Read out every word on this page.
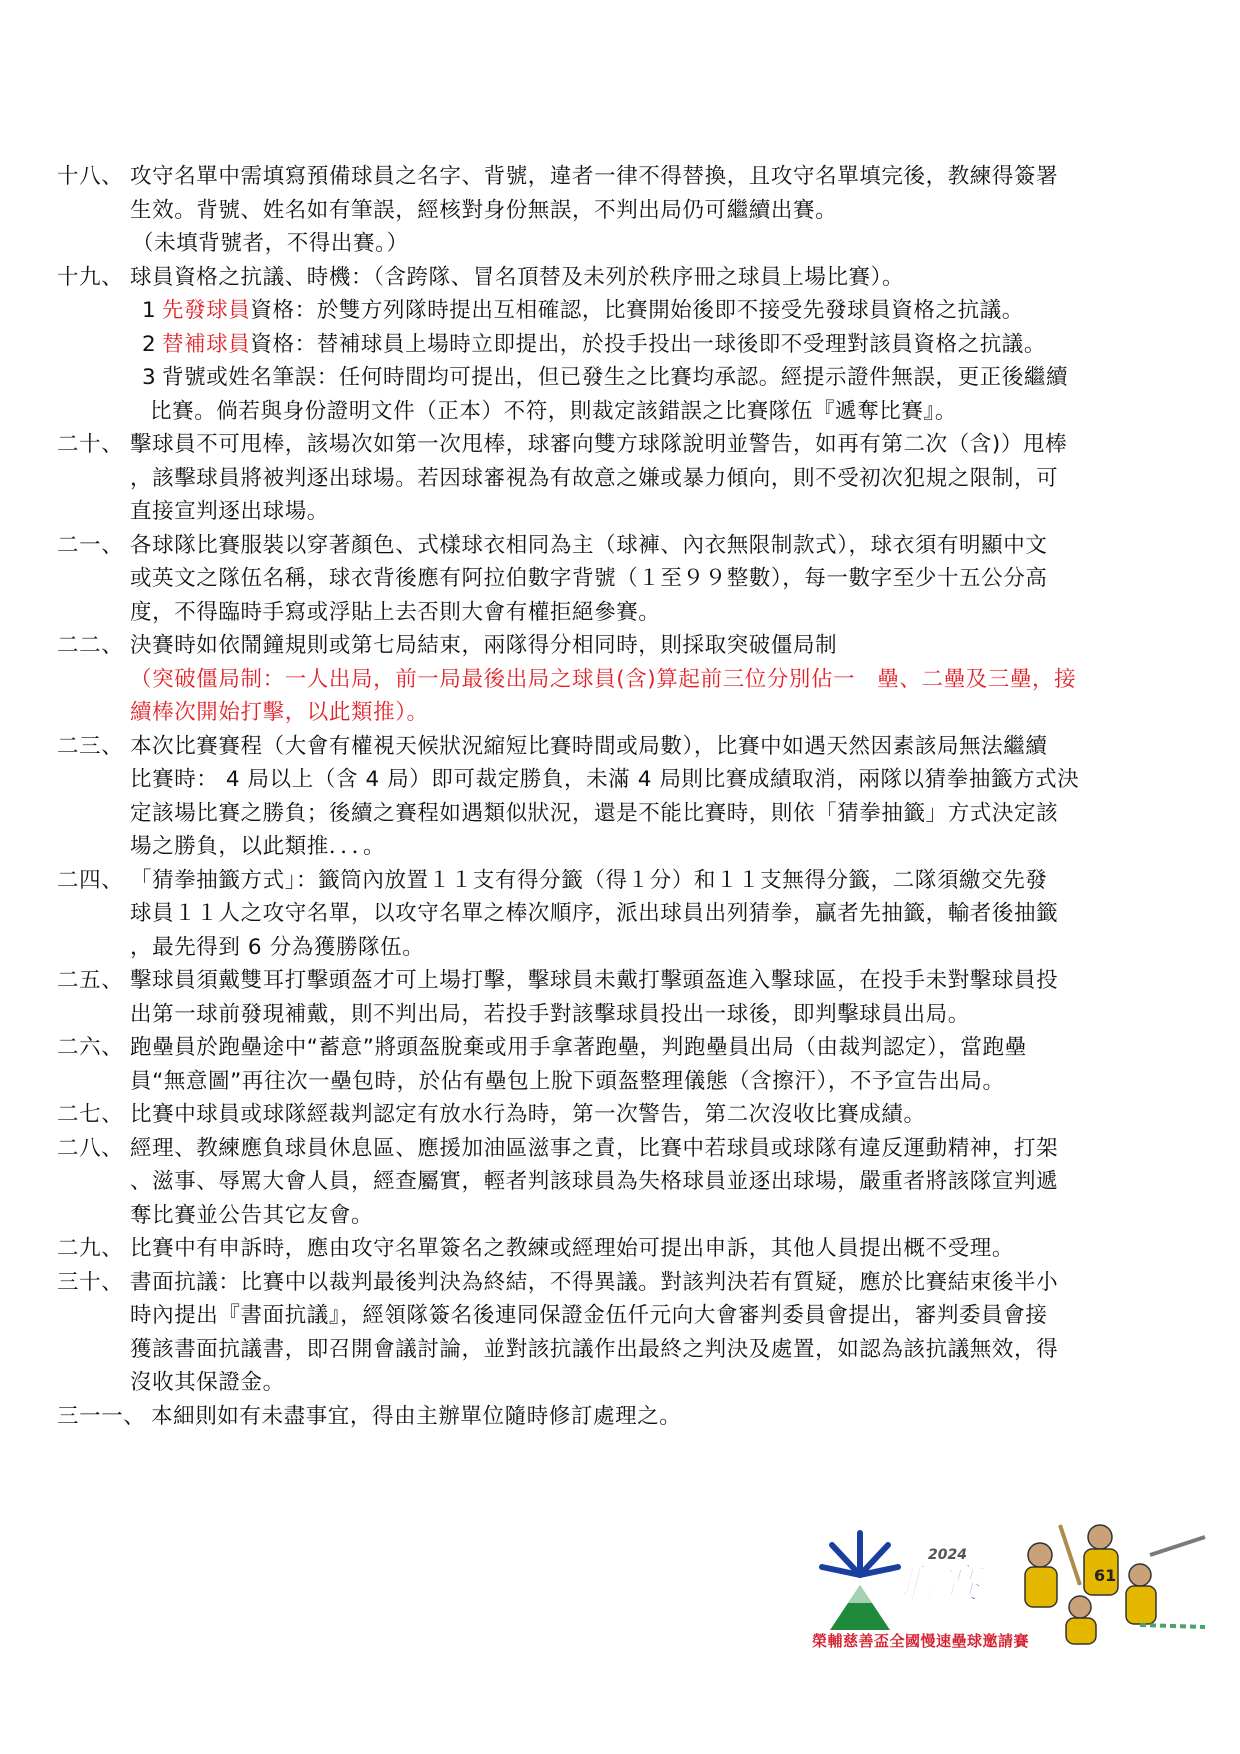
十八、 攻守名單中需填寫預備球員之名字、背號，違者一律不得替換，且攻守名單填完後，教練得簽署
生效。背號、姓名如有筆誤，經核對身份無誤，不判出局仍可繼續出賽。
（未填背號者，不得出賽。）
十九、 球員資格之抗議、時機：（含跨隊、冒名頂替及未列於秩序冊之球員上場比賽）。
1 先發球員資格：於雙方列隊時提出互相確認，比賽開始後即不接受先發球員資格之抗議。
2 替補球員資格：替補球員上場時立即提出，於投手投出一球後即不受理對該員資格之抗議。
3 背號或姓名筆誤：任何時間均可提出，但已發生之比賽均承認。經提示證件無誤，更正後繼續
比賽。倘若與身份證明文件（正本）不符，則裁定該錯誤之比賽隊伍『遞奪比賽』。
二十、 擊球員不可甩棒，該場次如第一次甩棒，球審向雙方球隊說明並警告，如再有第二次（含)）甩棒
，該擊球員將被判逐出球場。若因球審視為有故意之嫌或暴力傾向，則不受初次犯規之限制，可
直接宣判逐出球場。
二一、 各球隊比賽服裝以穿著顏色、式樣球衣相同為主（球褲、內衣無限制款式），球衣須有明顯中文
或英文之隊伍名稱，球衣背後應有阿拉伯數字背號（１至９９整數），每一數字至少十五公分高
度，不得臨時手寫或浮貼上去否則大會有權拒絕參賽。
二二、 決賽時如依鬧鐘規則或第七局結束，兩隊得分相同時，則採取突破僵局制
（突破僵局制：一人出局，前一局最後出局之球員(含)算起前三位分別佔一　壘、二壘及三壘，接
續棒次開始打擊，以此類推）。
二三、 本次比賽賽程（大會有權視天候狀況縮短比賽時間或局數），比賽中如遇天然因素該局無法繼續
比賽時： 4 局以上（含 4 局）即可裁定勝負，未滿 4 局則比賽成績取消，兩隊以猜拳抽籤方式決
定該場比賽之勝負；後續之賽程如遇類似狀況，還是不能比賽時，則依「猜拳抽籤」方式決定該
場之勝負，以此類推．．．。
二四、 「猜拳抽籤方式」：籤筒內放置１１支有得分籤（得１分）和１１支無得分籤，二隊須繳交先發
球員１１人之攻守名單，以攻守名單之棒次順序，派出球員出列猜拳，贏者先抽籤，輸者後抽籤
，最先得到 6 分為獲勝隊伍。
二五、 擊球員須戴雙耳打擊頭盔才可上場打擊，擊球員未戴打擊頭盔進入擊球區，在投手未對擊球員投
出第一球前發現補戴，則不判出局，若投手對該擊球員投出一球後，即判擊球員出局。
二六、 跑壘員於跑壘途中“蓄意”將頭盔脫棄或用手拿著跑壘，判跑壘員出局（由裁判認定），當跑壘
員“無意圖”再往次一壘包時，於佔有壘包上脫下頭盔整理儀態（含擦汗），不予宣告出局。
二七、 比賽中球員或球隊經裁判認定有放水行為時，第一次警告，第二次沒收比賽成績。
二八、 經理、教練應負球員休息區、應援加油區滋事之責，比賽中若球員或球隊有違反運動精神，打架
、滋事、辱罵大會人員，經查屬實，輕者判該球員為失格球員並逐出球場，嚴重者將該隊宣判遞
奪比賽並公告其它友會。
二九、 比賽中有申訴時，應由攻守名單簽名之教練或經理始可提出申訴，其他人員提出概不受理。
三十、 書面抗議：比賽中以裁判最後判決為終結，不得異議。對該判決若有質疑，應於比賽結束後半小
時內提出『書面抗議』，經領隊簽名後連同保證金伍仟元向大會審判委員會提出，審判委員會接
獲該書面抗議書，即召開會議討論，並對該抗議作出最終之判決及處置，如認為該抗議無效，得
沒收其保證金。
三一一、 本細則如有未盡事宜，得由主辦單位隨時修訂處理之。
2024
聯賽	61
榮輔慈善盃全國慢速壘球邀請賽
